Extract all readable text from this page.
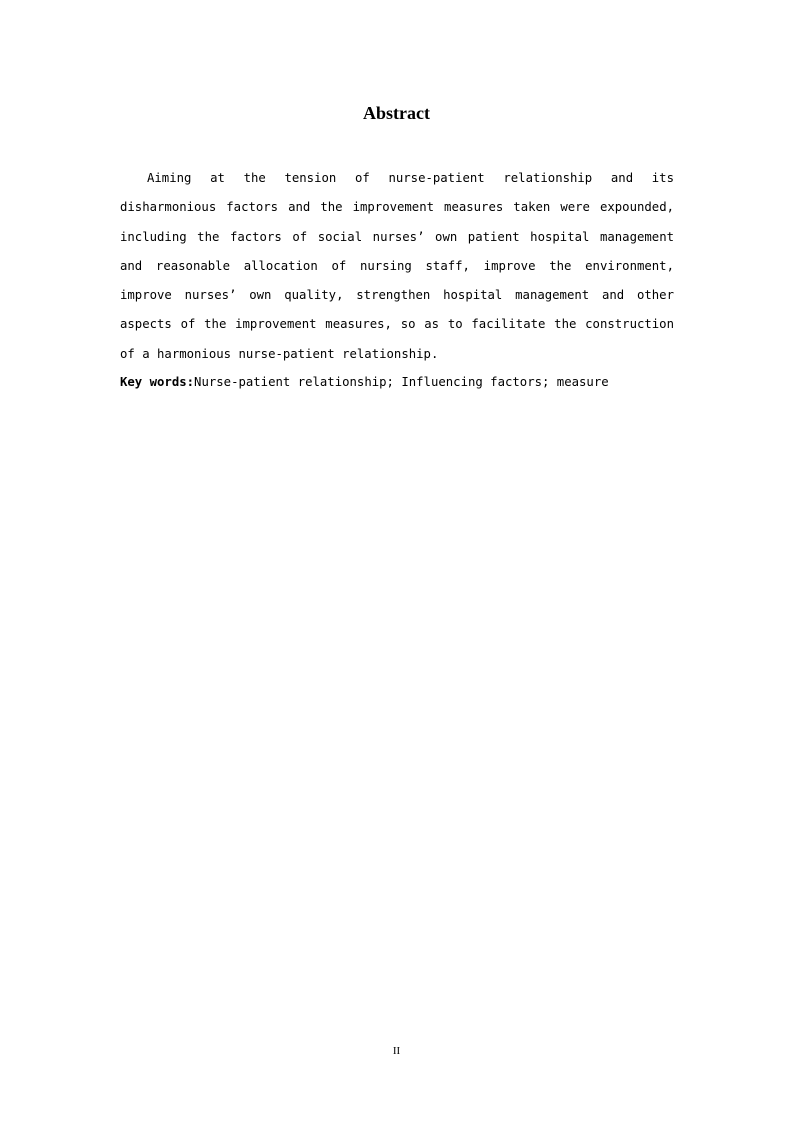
Abstract

Aiming at the tension of nurse-patient relationship and its disharmonious factors and the improvement measures taken were expounded, including the factors of social nurses’ own patient hospital management and reasonable allocation of nursing staff, improve the environment, improve nurses’ own quality, strengthen hospital management and other aspects of the improvement measures, so as to facilitate the construction of a harmonious nurse-patient relationship.

Key words:Nurse-patient relationship; Influencing factors; measure

II
